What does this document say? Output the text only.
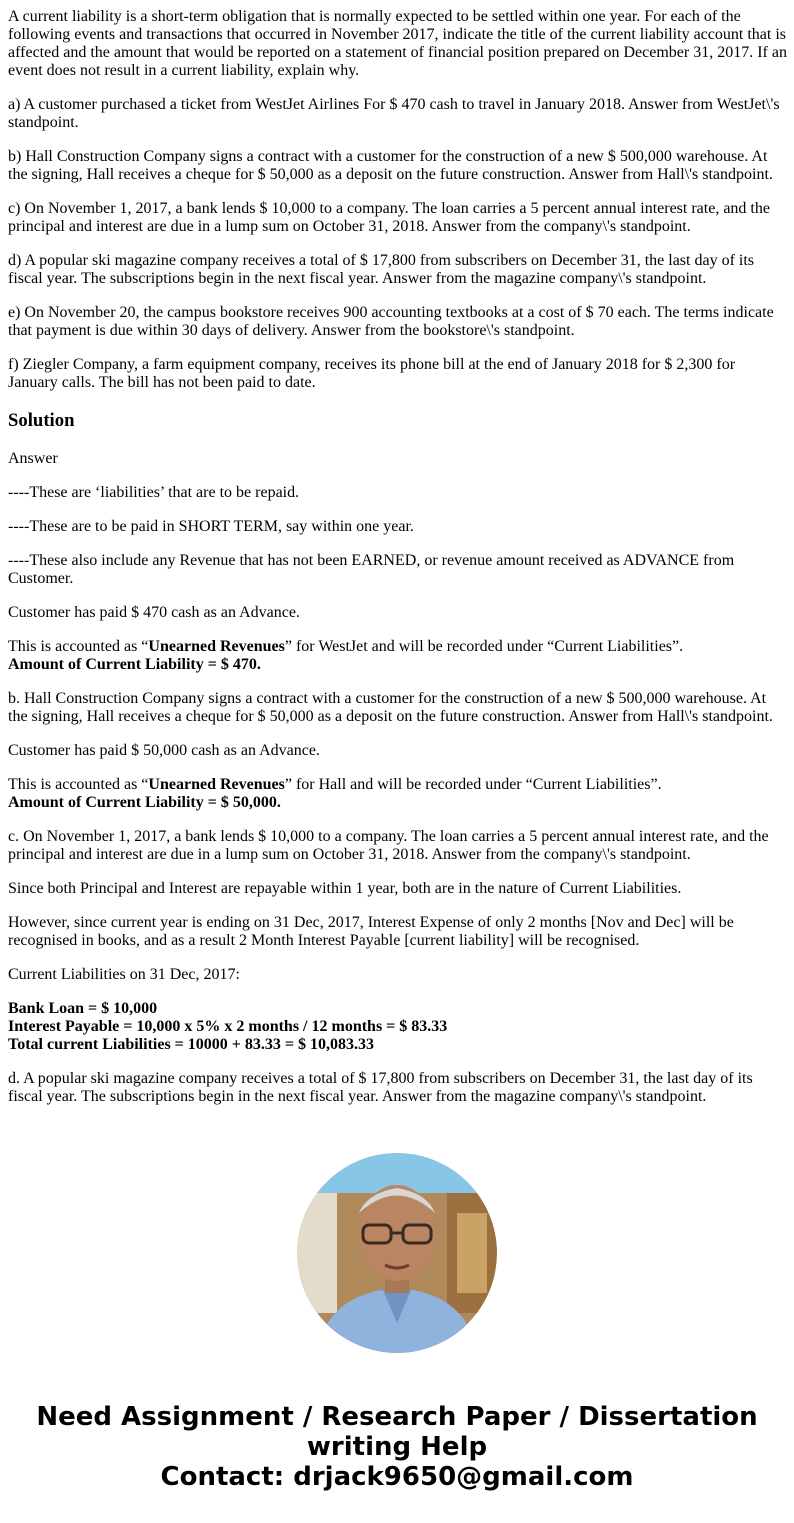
A current liability is a short-term obligation that is normally expected to be settled within one year. For each of the following events and transactions that occurred in November 2017, indicate the title of the current liability account that is affected and the amount that would be reported on a statement of financial position prepared on December 31, 2017. If an event does not result in a current liability, explain why.

a) A customer purchased a ticket from WestJet Airlines For $ 470 cash to travel in January 2018. Answer from WestJet\'s standpoint.

b) Hall Construction Company signs a contract with a customer for the construction of a new $ 500,000 warehouse. At the signing, Hall receives a cheque for $ 50,000 as a deposit on the future construction. Answer from Hall\'s standpoint.

c) On November 1, 2017, a bank lends $ 10,000 to a company. The loan carries a 5 percent annual interest rate, and the principal and interest are due in a lump sum on October 31, 2018. Answer from the company\'s standpoint.

d) A popular ski magazine company receives a total of $ 17,800 from subscribers on December 31, the last day of its fiscal year. The subscriptions begin in the next fiscal year. Answer from the magazine company\'s standpoint.

e) On November 20, the campus bookstore receives 900 accounting textbooks at a cost of $ 70 each. The terms indicate that payment is due within 30 days of delivery. Answer from the bookstore\'s standpoint.

f) Ziegler Company, a farm equipment company, receives its phone bill at the end of January 2018 for $ 2,300 for January calls. The bill has not been paid to date.

Solution

Answer

----These are ‘liabilities’ that are to be repaid.

----These are to be paid in SHORT TERM, say within one year.

----These also include any Revenue that has not been EARNED, or revenue amount received as ADVANCE from Customer.

Customer has paid $ 470 cash as an Advance.

This is accounted as “Unearned Revenues” for WestJet and will be recorded under “Current Liabilities”.
Amount of Current Liability = $ 470.

b. Hall Construction Company signs a contract with a customer for the construction of a new $ 500,000 warehouse. At the signing, Hall receives a cheque for $ 50,000 as a deposit on the future construction. Answer from Hall\'s standpoint.

Customer has paid $ 50,000 cash as an Advance.

This is accounted as “Unearned Revenues” for Hall and will be recorded under “Current Liabilities”.
Amount of Current Liability = $ 50,000.

c. On November 1, 2017, a bank lends $ 10,000 to a company. The loan carries a 5 percent annual interest rate, and the principal and interest are due in a lump sum on October 31, 2018. Answer from the company\'s standpoint.

Since both Principal and Interest are repayable within 1 year, both are in the nature of Current Liabilities.

However, since current year is ending on 31 Dec, 2017, Interest Expense of only 2 months [Nov and Dec] will be recognised in books, and as a result 2 Month Interest Payable [current liability] will be recognised.

Current Liabilities on 31 Dec, 2017:

Bank Loan = $ 10,000
Interest Payable = 10,000 x 5% x 2 months / 12 months = $ 83.33
Total current Liabilities = 10000 + 83.33 = $ 10,083.33

d. A popular ski magazine company receives a total of $ 17,800 from subscribers on December 31, the last day of its fiscal year. The subscriptions begin in the next fiscal year. Answer from the magazine company\'s standpoint.

Need Assignment / Research Paper / Dissertation
writing Help
Contact: drjack9650@gmail.com
